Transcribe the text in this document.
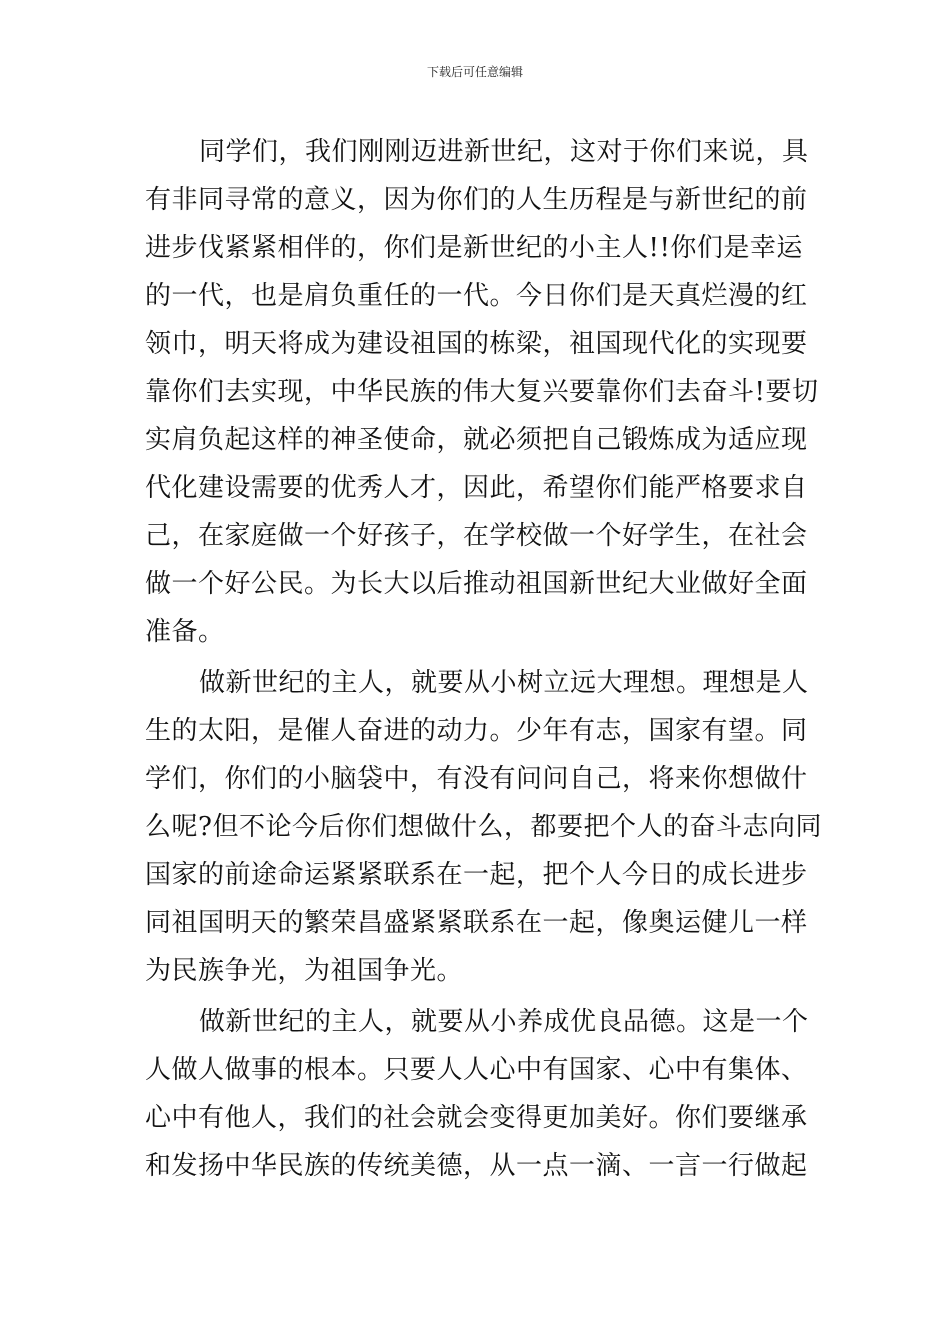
下载后可任意编辑
同学们，我们刚刚迈进新世纪，这对于你们来说，具
有非同寻常的意义，因为你们的人生历程是与新世纪的前
进步伐紧紧相伴的，你们是新世纪的小主人!!你们是幸运
的一代，也是肩负重任的一代。今日你们是天真烂漫的红
领巾，明天将成为建设祖国的栋梁，祖国现代化的实现要
靠你们去实现，中华民族的伟大复兴要靠你们去奋斗!要切
实肩负起这样的神圣使命，就必须把自己锻炼成为适应现
代化建设需要的优秀人才，因此，希望你们能严格要求自
己，在家庭做一个好孩子，在学校做一个好学生，在社会
做一个好公民。为长大以后推动祖国新世纪大业做好全面
准备。
做新世纪的主人，就要从小树立远大理想。理想是人
生的太阳，是催人奋进的动力。少年有志，国家有望。同
学们，你们的小脑袋中，有没有问问自己，将来你想做什
么呢?但不论今后你们想做什么，都要把个人的奋斗志向同
国家的前途命运紧紧联系在一起，把个人今日的成长进步
同祖国明天的繁荣昌盛紧紧联系在一起，像奥运健儿一样
为民族争光，为祖国争光。
做新世纪的主人，就要从小养成优良品德。这是一个
人做人做事的根本。只要人人心中有国家、心中有集体、
心中有他人，我们的社会就会变得更加美好。你们要继承
和发扬中华民族的传统美德，从一点一滴、一言一行做起
